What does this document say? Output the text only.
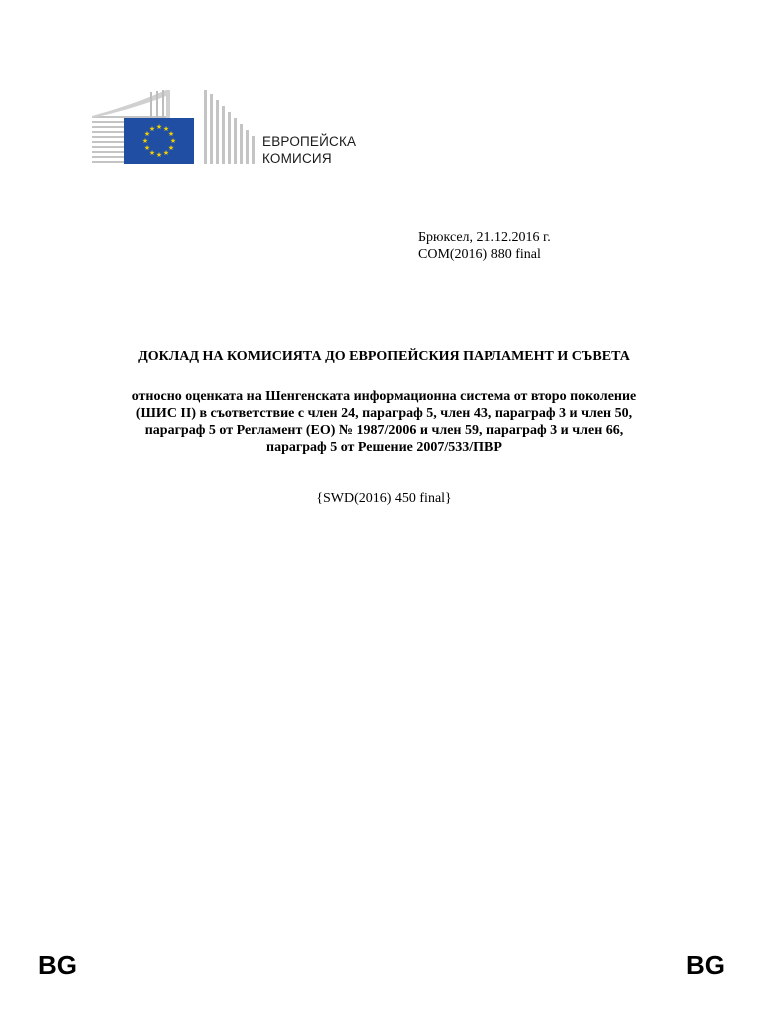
★ ★
★
★
★
★
★
★
★
★
★
★
ЕВРОПЕЙСКА
КОМИСИЯ
Брюксел, 21.12.2016 г.
COM(2016) 880 final
ДОКЛАД НА КОМИСИЯТА ДО ЕВРОПЕЙСКИЯ ПАРЛАМЕНТ И СЪВЕТА
относно оценката на Шенгенската информационна система от второ поколение
(ШИС II) в съответствие с член 24, параграф 5, член 43, параграф 3 и член 50,
параграф 5 от Регламент (ЕО) № 1987/2006 и член 59, параграф 3 и член 66,
параграф 5 от Решение 2007/533/ПВР
{SWD(2016) 450 final}
BG	BG
